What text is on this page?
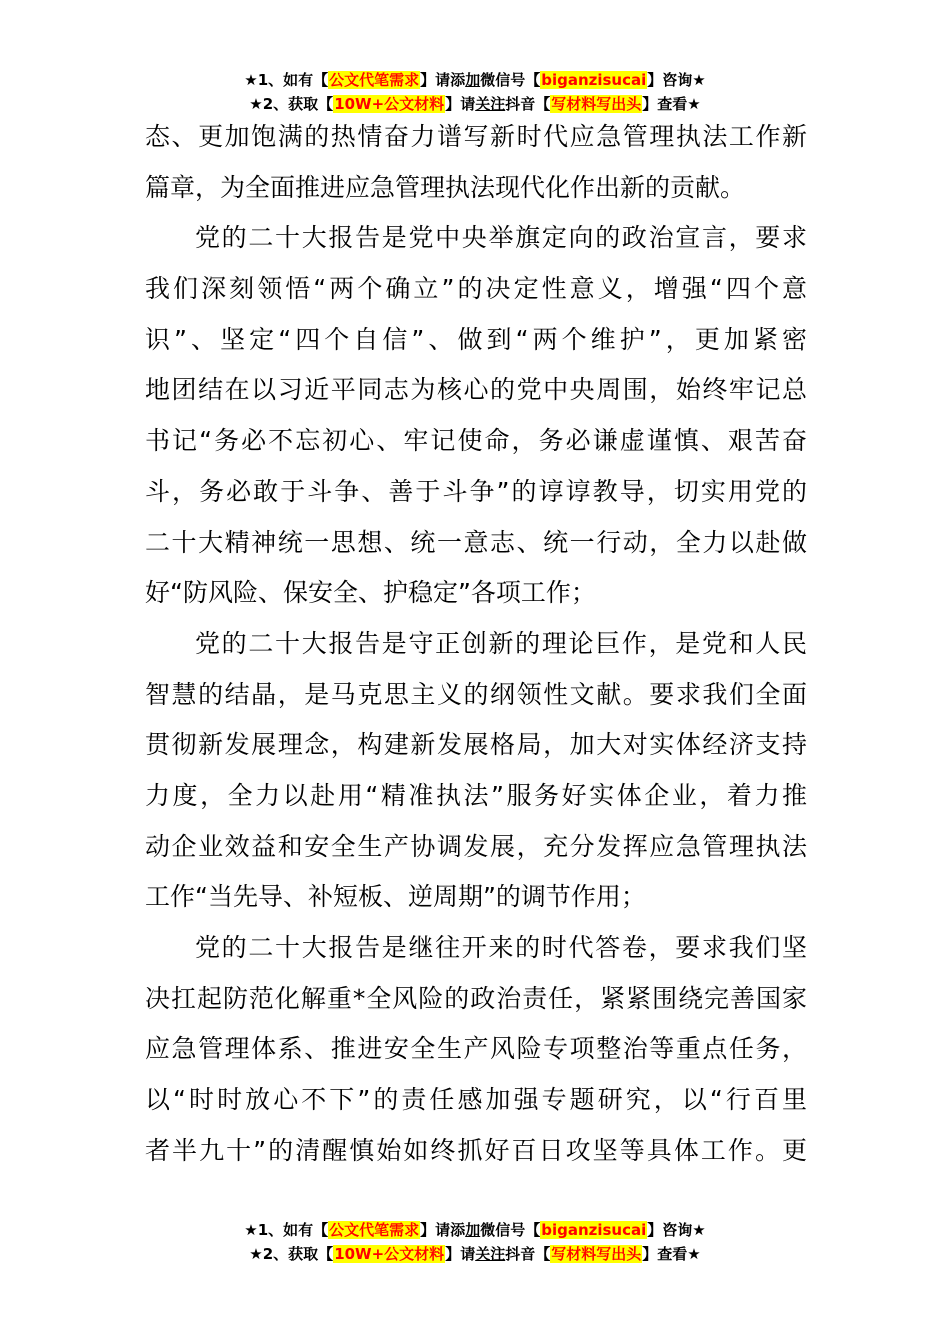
★1、如有【公文代笔需求】请添加微信号【biganzisucai】咨询★
★2、获取【10W+公文材料】请关注抖音【写材料写出头】查看★
态、更加饱满的热情奋力谱写新时代应急管理执法工作新
篇章，为全面推进应急管理执法现代化作出新的贡献。
党的二十大报告是党中央举旗定向的政治宣言，要求
我们深刻领悟“两个确立”的决定性意义，增强“四个意
识”、坚定“四个自信”、做到“两个维护”，更加紧密
地团结在以习近平同志为核心的党中央周围，始终牢记总
书记“务必不忘初心、牢记使命，务必谦虚谨慎、艰苦奋
斗，务必敢于斗争、善于斗争”的谆谆教导，切实用党的
二十大精神统一思想、统一意志、统一行动，全力以赴做
好“防风险、保安全、护稳定”各项工作；
党的二十大报告是守正创新的理论巨作，是党和人民
智慧的结晶，是马克思主义的纲领性文献。要求我们全面
贯彻新发展理念，构建新发展格局，加大对实体经济支持
力度，全力以赴用“精准执法”服务好实体企业，着力推
动企业效益和安全生产协调发展，充分发挥应急管理执法
工作“当先导、补短板、逆周期”的调节作用；
党的二十大报告是继往开来的时代答卷，要求我们坚
决扛起防范化解重*全风险的政治责任，紧紧围绕完善国家
应急管理体系、推进安全生产风险专项整治等重点任务，
以“时时放心不下”的责任感加强专题研究，以“行百里
者半九十”的清醒慎始如终抓好百日攻坚等具体工作。更
★1、如有【公文代笔需求】请添加微信号【biganzisucai】咨询★
★2、获取【10W+公文材料】请关注抖音【写材料写出头】查看★
